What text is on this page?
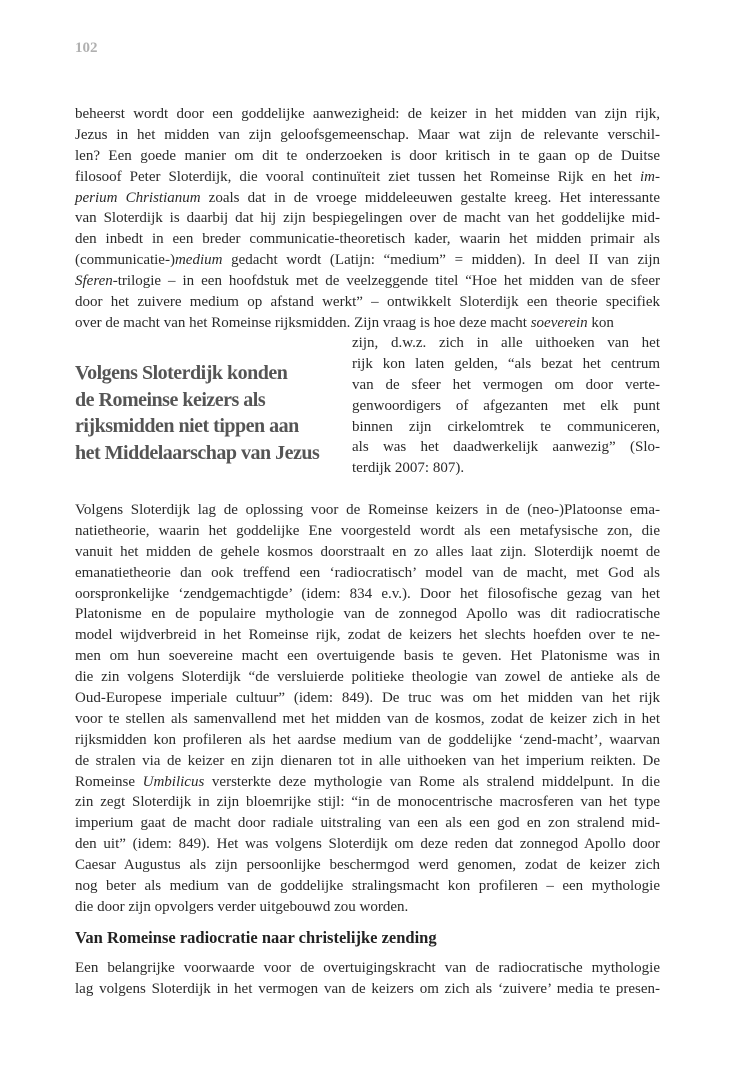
102
beheerst wordt door een goddelijke aanwezigheid: de keizer in het midden van zijn rijk,
Jezus in het midden van zijn geloofsgemeenschap. Maar wat zijn de relevante verschil-
len? Een goede manier om dit te onderzoeken is door kritisch in te gaan op de Duitse
filosoof Peter Sloterdijk, die vooral continuïteit ziet tussen het Romeinse Rijk en het im-
perium Christianum zoals dat in de vroege middeleeuwen gestalte kreeg. Het interessante
van Sloterdijk is daarbij dat hij zijn bespiegelingen over de macht van het goddelijke mid-
den inbedt in een breder communicatie-theoretisch kader, waarin het midden primair als
(communicatie-)medium gedacht wordt (Latijn: “medium” = midden). In deel II van zijn
Sferen-trilogie – in een hoofdstuk met de veelzeggende titel “Hoe het midden van de sfeer
door het zuivere medium op afstand werkt” – ontwikkelt Sloterdijk een theorie specifiek
over de macht van het Romeinse rijksmidden. Zijn vraag is hoe deze macht soeverein kon
Volgens Sloterdijk konden
de Romeinse keizers als
rijksmidden niet tippen aan
het Middelaarschap van Jezus
zijn, d.w.z. zich in alle uithoeken van het
rijk kon laten gelden, “als bezat het centrum
van de sfeer het vermogen om door verte-
genwoordigers of afgezanten met elk punt
binnen zijn cirkelomtrek te communiceren,
als was het daadwerkelijk aanwezig” (Slo-
terdijk 2007: 807).
Volgens Sloterdijk lag de oplossing voor de Romeinse keizers in de (neo-)Platoonse ema-
natietheorie, waarin het goddelijke Ene voorgesteld wordt als een metafysische zon, die
vanuit het midden de gehele kosmos doorstraalt en zo alles laat zijn. Sloterdijk noemt de
emanatietheorie dan ook treffend een ‘radiocratisch’ model van de macht, met God als
oorspronkelijke ‘zendgemachtigde’ (idem: 834 e.v.). Door het filosofische gezag van het
Platonisme en de populaire mythologie van de zonnegod Apollo was dit radiocratische
model wijdverbreid in het Romeinse rijk, zodat de keizers het slechts hoefden over te ne-
men om hun soevereine macht een overtuigende basis te geven. Het Platonisme was in
die zin volgens Sloterdijk “de versluierde politieke theologie van zowel de antieke als de
Oud-Europese imperiale cultuur” (idem: 849). De truc was om het midden van het rijk
voor te stellen als samenvallend met het midden van de kosmos, zodat de keizer zich in het
rijksmidden kon profileren als het aardse medium van de goddelijke ‘zend-macht’, waarvan
de stralen via de keizer en zijn dienaren tot in alle uithoeken van het imperium reikten. De
Romeinse Umbilicus versterkte deze mythologie van Rome als stralend middelpunt. In die
zin zegt Sloterdijk in zijn bloemrijke stijl: “in de monocentrische macrosferen van het type
imperium gaat de macht door radiale uitstraling van een als een god en zon stralend mid-
den uit” (idem: 849). Het was volgens Sloterdijk om deze reden dat zonnegod Apollo door
Caesar Augustus als zijn persoonlijke beschermgod werd genomen, zodat de keizer zich
nog beter als medium van de goddelijke stralingsmacht kon profileren – een mythologie
die door zijn opvolgers verder uitgebouwd zou worden.
Van Romeinse radiocratie naar christelijke zending
Een belangrijke voorwaarde voor de overtuigingskracht van de radiocratische mythologie
lag volgens Sloterdijk in het vermogen van de keizers om zich als ‘zuivere’ media te presen-
